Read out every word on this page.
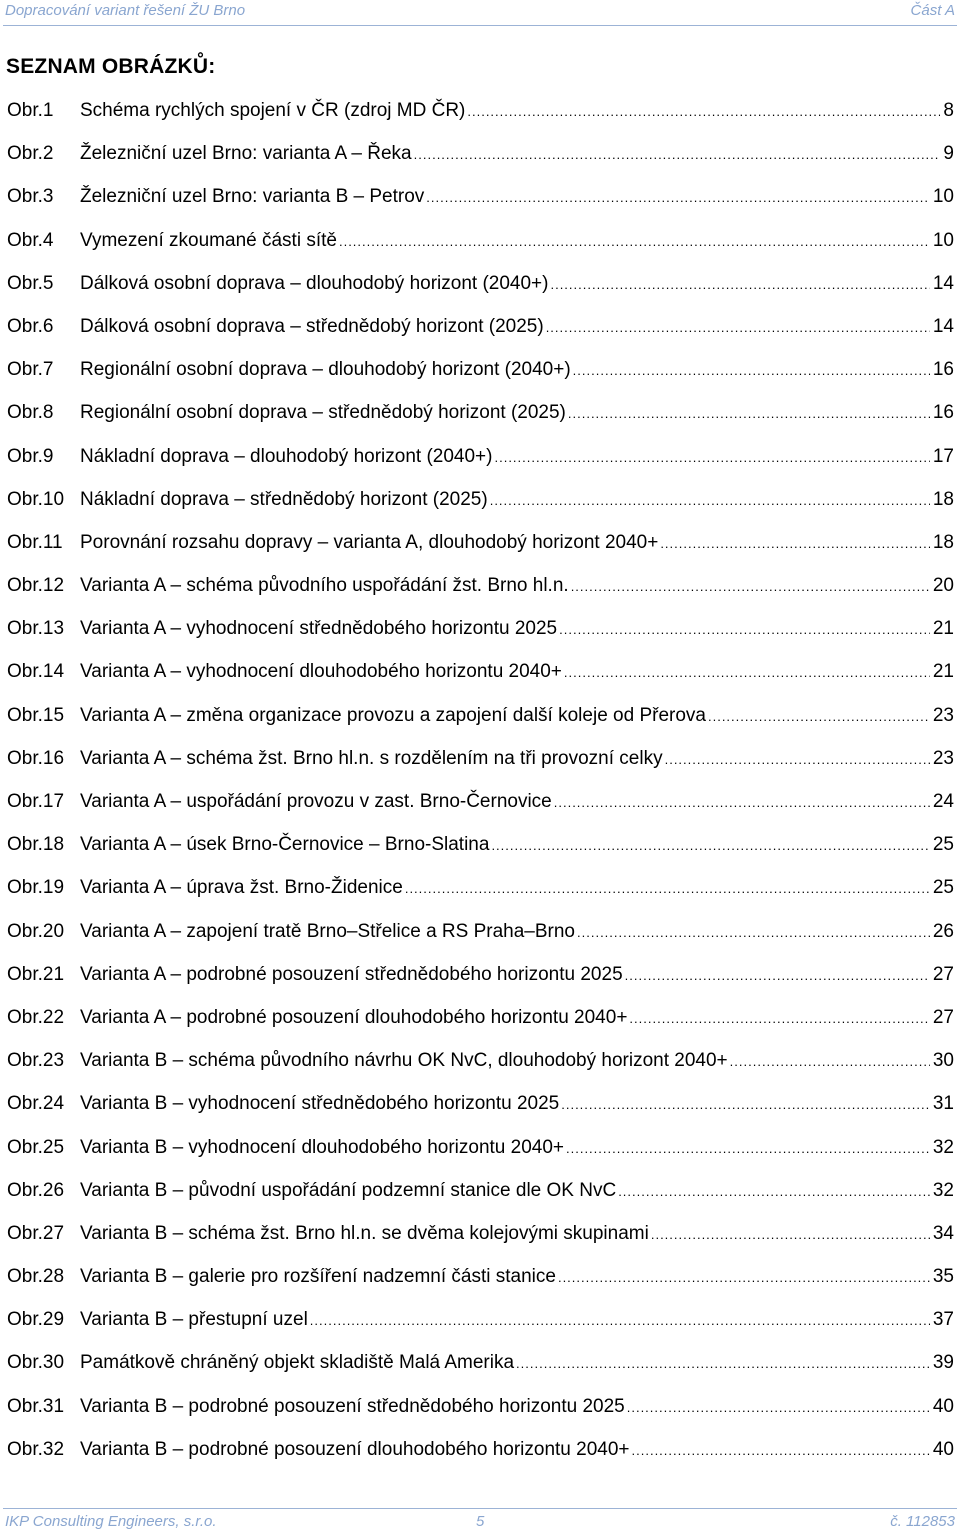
Dopracování variant řešení ŽU Brno	Část A
SEZNAM OBRÁZKŮ:
Obr.1 Schéma rychlých spojení v ČR (zdroj MD ČR) .....	8
Obr.2 Železniční uzel Brno: varianta A – Řeka .....	9
Obr.3 Železniční uzel Brno: varianta B – Petrov .....	10
Obr.4 Vymezení zkoumané části sítě .....	10
Obr.5 Dálková osobní doprava – dlouhodobý horizont (2040+) .....	14
Obr.6 Dálková osobní doprava – střednědobý horizont (2025) .....	14
Obr.7 Regionální osobní doprava – dlouhodobý horizont (2040+) .....	16
Obr.8 Regionální osobní doprava – střednědobý horizont (2025) .....	16
Obr.9 Nákladní doprava – dlouhodobý horizont (2040+) .....	17
Obr.10 Nákladní doprava – střednědobý horizont (2025) .....	18
Obr.11 Porovnání rozsahu dopravy – varianta A, dlouhodobý horizont 2040+ .....	18
Obr.12 Varianta A – schéma původního uspořádání žst. Brno hl.n. .....	20
Obr.13 Varianta A – vyhodnocení střednědobého horizontu 2025 .....	21
Obr.14 Varianta A – vyhodnocení dlouhodobého horizontu 2040+ .....	21
Obr.15 Varianta A – změna organizace provozu a zapojení další koleje od Přerova .....	23
Obr.16 Varianta A – schéma žst. Brno hl.n. s rozdělením na tři provozní celky .....	23
Obr.17 Varianta A – uspořádání provozu v zast. Brno-Černovice .....	24
Obr.18 Varianta A – úsek Brno-Černovice – Brno-Slatina .....	25
Obr.19 Varianta A – úprava žst. Brno-Židenice .....	25
Obr.20 Varianta A – zapojení tratě Brno–Střelice a RS Praha–Brno .....	26
Obr.21 Varianta A – podrobné posouzení střednědobého horizontu 2025 .....	27
Obr.22 Varianta A – podrobné posouzení dlouhodobého horizontu 2040+ .....	27
Obr.23 Varianta B – schéma původního návrhu OK NvC, dlouhodobý horizont 2040+ .....	30
Obr.24 Varianta B – vyhodnocení střednědobého horizontu 2025 .....	31
Obr.25 Varianta B – vyhodnocení dlouhodobého horizontu 2040+ .....	32
Obr.26 Varianta B – původní uspořádání podzemní stanice dle OK NvC .....	32
Obr.27 Varianta B – schéma žst. Brno hl.n. se dvěma kolejovými skupinami .....	34
Obr.28 Varianta B – galerie pro rozšíření nadzemní části stanice .....	35
Obr.29 Varianta B – přestupní uzel .....	37
Obr.30 Památkově chráněný objekt skladiště Malá Amerika .....	39
Obr.31 Varianta B – podrobné posouzení střednědobého horizontu 2025 .....	40
Obr.32 Varianta B – podrobné posouzení dlouhodobého horizontu 2040+ .....	40
IKP Consulting Engineers, s.r.o.	5	č. 112853
